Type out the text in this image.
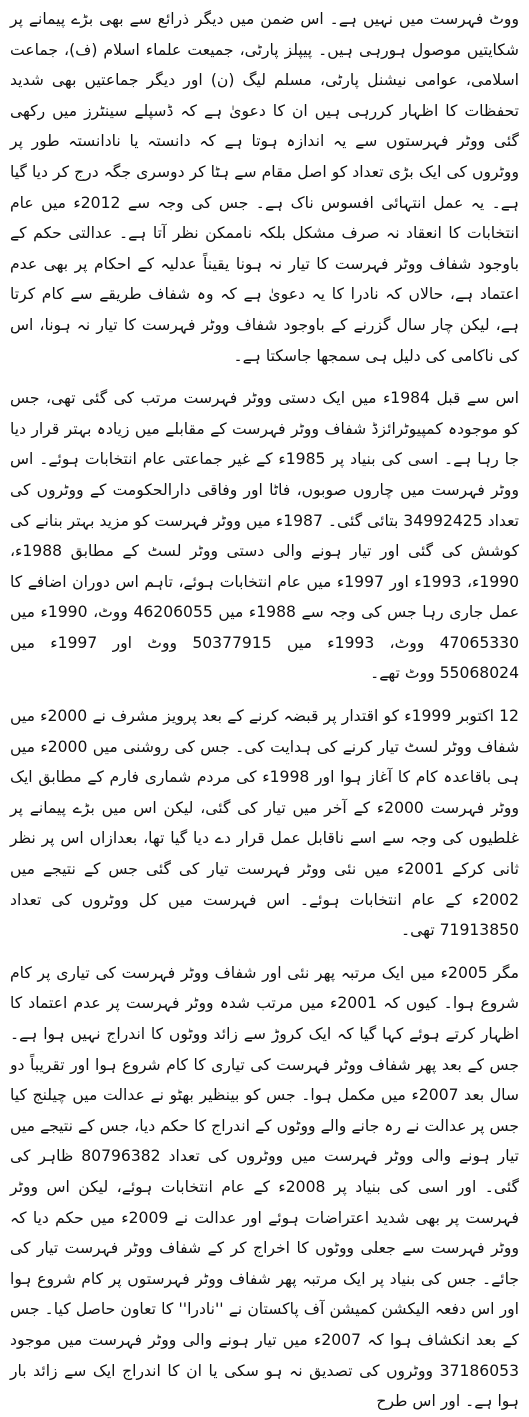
ووٹ فہرست میں نہیں ہے۔ اس ضمن میں دیگر ذرائع سے بھی بڑے پیمانے پر شکایتیں موصول ہورہی ہیں۔ پیپلز پارٹی، جمیعت علماء اسلام (ف)، جماعت اسلامی، عوامی نیشنل پارٹی، مسلم لیگ (ن) اور دیگر جماعتیں بھی شدید تحفظات کا اظہار کررہی ہیں ان کا دعویٰ ہے کہ ڈسپلے سینٹرز میں رکھی گئی ووٹر فہرستوں سے یہ اندازہ ہوتا ہے کہ دانستہ یا نادانستہ طور پر ووٹروں کی ایک بڑی تعداد کو اصل مقام سے ہٹا کر دوسری جگہ درج کر دیا گیا ہے۔ یہ عمل انتہائی افسوس ناک ہے۔ جس کی وجہ سے 2012ء میں عام انتخابات کا انعقاد نہ صرف مشکل بلکہ ناممکن نظر آتا ہے۔ عدالتی حکم کے باوجود شفاف ووٹر فہرست کا تیار نہ ہونا یقیناً عدلیہ کے احکام پر بھی عدم اعتماد ہے، حالاں کہ نادرا کا یہ دعویٰ ہے کہ وہ شفاف طریقے سے کام کرتا ہے، لیکن چار سال گزرنے کے باوجود شفاف ووٹر فہرست کا تیار نہ ہونا، اس کی ناکامی کی دلیل ہی سمجھا جاسکتا ہے۔

اس سے قبل 1984ء میں ایک دستی ووٹر فہرست مرتب کی گئی تھی، جس کو موجودہ کمپیوٹرائزڈ شفاف ووٹر فہرست کے مقابلے میں زیادہ بہتر قرار دیا جا رہا ہے۔ اسی کی بنیاد پر 1985ء کے غیر جماعتی عام انتخابات ہوئے۔ اس ووٹر فہرست میں چاروں صوبوں، فاٹا اور وفاقی دارالحکومت کے ووٹروں کی تعداد 34992425 بتائی گئی۔ 1987ء میں ووٹر فہرست کو مزید بہتر بنانے کی کوشش کی گئی اور تیار ہونے والی دستی ووٹر لسٹ کے مطابق 1988ء، 1990ء، 1993ء اور 1997ء میں عام انتخابات ہوئے، تاہم اس دوران اضافے کا عمل جاری رہا جس کی وجہ سے 1988ء میں 46206055 ووٹ، 1990ء میں 47065330 ووٹ، 1993ء میں 50377915 ووٹ اور 1997ء میں 55068024 ووٹ تھے۔

12 اکتوبر 1999ء کو اقتدار پر قبضہ کرنے کے بعد پرویز مشرف نے 2000ء میں شفاف ووٹر لسٹ تیار کرنے کی ہدایت کی۔ جس کی روشنی میں 2000ء میں ہی باقاعدہ کام کا آغاز ہوا اور 1998ء کی مردم شماری فارم کے مطابق ایک ووٹر فہرست 2000ء کے آخر میں تیار کی گئی، لیکن اس میں بڑے پیمانے پر غلطیوں کی وجہ سے اسے ناقابل عمل قرار دے دیا گیا تھا، بعدازاں اس پر نظر ثانی کرکے 2001ء میں نئی ووٹر فہرست تیار کی گئی جس کے نتیجے میں 2002ء کے عام انتخابات ہوئے۔ اس فہرست میں کل ووٹروں کی تعداد 71913850 تھی۔

مگر 2005ء میں ایک مرتبہ پھر نئی اور شفاف ووٹر فہرست کی تیاری پر کام شروع ہوا۔ کیوں کہ 2001ء میں مرتب شدہ ووٹر فہرست پر عدم اعتماد کا اظہار کرتے ہوئے کہا گیا کہ ایک کروڑ سے زائد ووٹوں کا اندراج نہیں ہوا ہے۔ جس کے بعد پھر شفاف ووٹر فہرست کی تیاری کا کام شروع ہوا اور تقریباً دو سال بعد 2007ء میں مکمل ہوا۔ جس کو بینظیر بھٹو نے عدالت میں چیلنج کیا جس پر عدالت نے رہ جانے والے ووٹوں کے اندراج کا حکم دیا، جس کے نتیجے میں تیار ہونے والی ووٹر فہرست میں ووٹروں کی تعداد 80796382 ظاہر کی گئی۔ اور اسی کی بنیاد پر 2008ء کے عام انتخابات ہوئے، لیکن اس ووٹر فہرست پر بھی شدید اعتراضات ہوئے اور عدالت نے 2009ء میں حکم دیا کہ ووٹر فہرست سے جعلی ووٹوں کا اخراج کر کے شفاف ووٹر فہرست تیار کی جائے۔ جس کی بنیاد پر ایک مرتبہ پھر شفاف ووٹر فہرستوں پر کام شروع ہوا اور اس دفعہ الیکشن کمیشن آف پاکستان نے ''نادرا'' کا تعاون حاصل کیا۔ جس کے بعد انکشاف ہوا کہ 2007ء میں تیار ہونے والی ووٹر فہرست میں موجود 37186053 ووٹروں کی تصدیق نہ ہو سکی یا ان کا اندراج ایک سے زائد بار ہوا ہے۔ اور اس طرح
